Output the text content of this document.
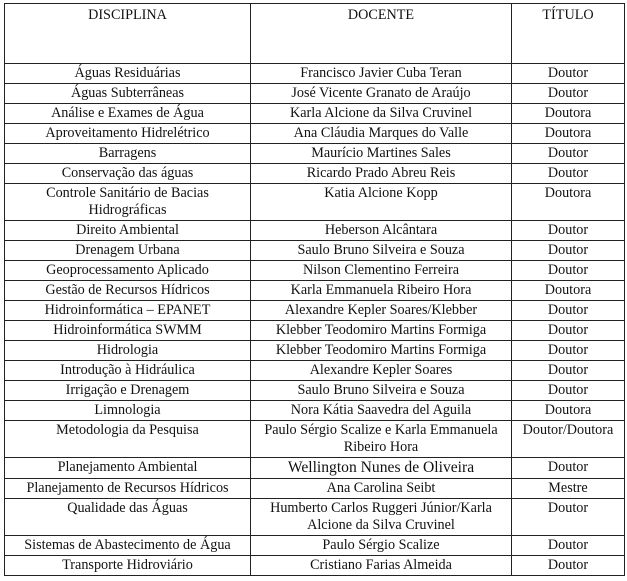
DISCIPLINA	DOCENTE	TÍTULO
Águas Residuárias	Francisco Javier Cuba Teran	Doutor
Águas Subterrâneas	José Vicente Granato de Araújo	Doutor
Análise e Exames de Água	Karla Alcione da Silva Cruvinel	Doutora
Aproveitamento Hidrelétrico	Ana Cláudia Marques do Valle	Doutora
Barragens	Maurício Martines Sales	Doutor
Conservação das águas	Ricardo Prado Abreu Reis	Doutor
Controle Sanitário de Bacias Hidrográficas	Katia Alcione Kopp	Doutora
Direito Ambiental	Heberson Alcântara	Doutor
Drenagem Urbana	Saulo Bruno Silveira e Souza	Doutor
Geoprocessamento Aplicado	Nilson Clementino Ferreira	Doutor
Gestão de Recursos Hídricos	Karla Emmanuela Ribeiro Hora	Doutora
Hidroinformática – EPANET	Alexandre Kepler Soares/Klebber	Doutor
Hidroinformática SWMM	Klebber Teodomiro Martins Formiga	Doutor
Hidrologia	Klebber Teodomiro Martins Formiga	Doutor
Introdução à Hidráulica	Alexandre Kepler Soares	Doutor
Irrigação e Drenagem	Saulo Bruno Silveira e Souza	Doutor
Limnologia	Nora Kátia Saavedra del Aguila	Doutora
Metodologia da Pesquisa	Paulo Sérgio Scalize e Karla Emmanuela Ribeiro Hora	Doutor/Doutora
Planejamento Ambiental	Wellington Nunes de Oliveira	Doutor
Planejamento de Recursos Hídricos	Ana Carolina Seibt	Mestre
Qualidade das Águas	Humberto Carlos Ruggeri Júnior/Karla Alcione da Silva Cruvinel	Doutor
Sistemas de Abastecimento de Água	Paulo Sérgio Scalize	Doutor
Transporte Hidroviário	Cristiano Farias Almeida	Doutor
